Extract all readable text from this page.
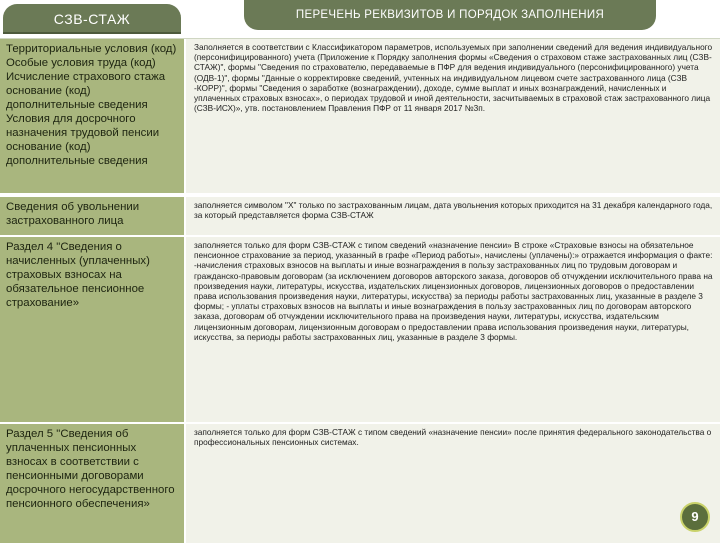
СЗВ-СТАЖ	ПЕРЕЧЕНЬ РЕКВИЗИТОВ И ПОРЯДОК ЗАПОЛНЕНИЯ
Территориальные условия (код) Особые условия труда (код) Исчисление страхового стажа основание (код) дополнительные сведения Условия для досрочного назначения трудовой пенсии основание (код) дополнительные сведения
Заполняется в соответствии с Классификатором параметров, используемых при заполнении сведений для ведения индивидуального (персонифицированного) учета (Приложение к Порядку заполнения формы «Сведения о страховом стаже застрахованных лиц (СЗВ-СТАЖ)", формы "Сведения по страхователю, передаваемые в ПФР для ведения индивидуального (персонифицированного) учета (ОДВ-1)", формы "Данные о корректировке сведений, учтенных на индивидуальном лицевом счете застрахованного лица (СЗВ -КОРР)", формы "Сведения о заработке (вознаграждении), доходе, сумме выплат и иных вознаграждений, начисленных и уплаченных страховых взносах», о периодах трудовой и иной деятельности, засчитываемых в страховой стаж застрахованного лица (СЗВ-ИСХ)», утв. постановлением Правления ПФР от 11 января 2017 №3п.
Сведения об увольнении застрахованного лица
заполняется символом "X" только по застрахованным лицам, дата увольнения которых приходится на 31 декабря календарного года, за который представляется форма СЗВ-СТАЖ
Раздел 4 "Сведения о начисленных (уплаченных) страховых взносах на обязательное пенсионное страхование»
заполняется только для форм СЗВ-СТАЖ с типом сведений «назначение пенсии» В строке «Страховые взносы на обязательное пенсионное страхование за период, указанный в графе «Период работы», начислены (уплачены):» отражается информация о факте: -начисления страховых взносов на выплаты и иные вознаграждения в пользу застрахованных лиц по трудовым договорам и гражданско-правовым договорам (за исключением договоров авторского заказа, договоров об отчуждении исключительного права на произведения науки, литературы, искусства, издательских лицензионных договоров, лицензионных договоров о предоставлении права использования произведения науки, литературы, искусства) за периоды работы застрахованных лиц, указанные в разделе 3 формы; - уплаты страховых взносов на выплаты и иные вознаграждения в пользу застрахованных лиц по договорам авторского заказа, договорам об отчуждении исключительного права на произведения науки, литературы, искусства, издательским лицензионным договорам, лицензионным договорам о предоставлении права использования произведения науки, литературы, искусства, за периоды работы застрахованных лиц, указанные в разделе 3 формы.
Раздел 5 "Сведения об уплаченных пенсионных взносах в соответствии с пенсионными договорами досрочного негосударственного пенсионного обеспечения»
заполняется только для форм СЗВ-СТАЖ с типом сведений «назначение пенсии» после принятия федерального законодательства о профессиональных пенсионных системах.
9
